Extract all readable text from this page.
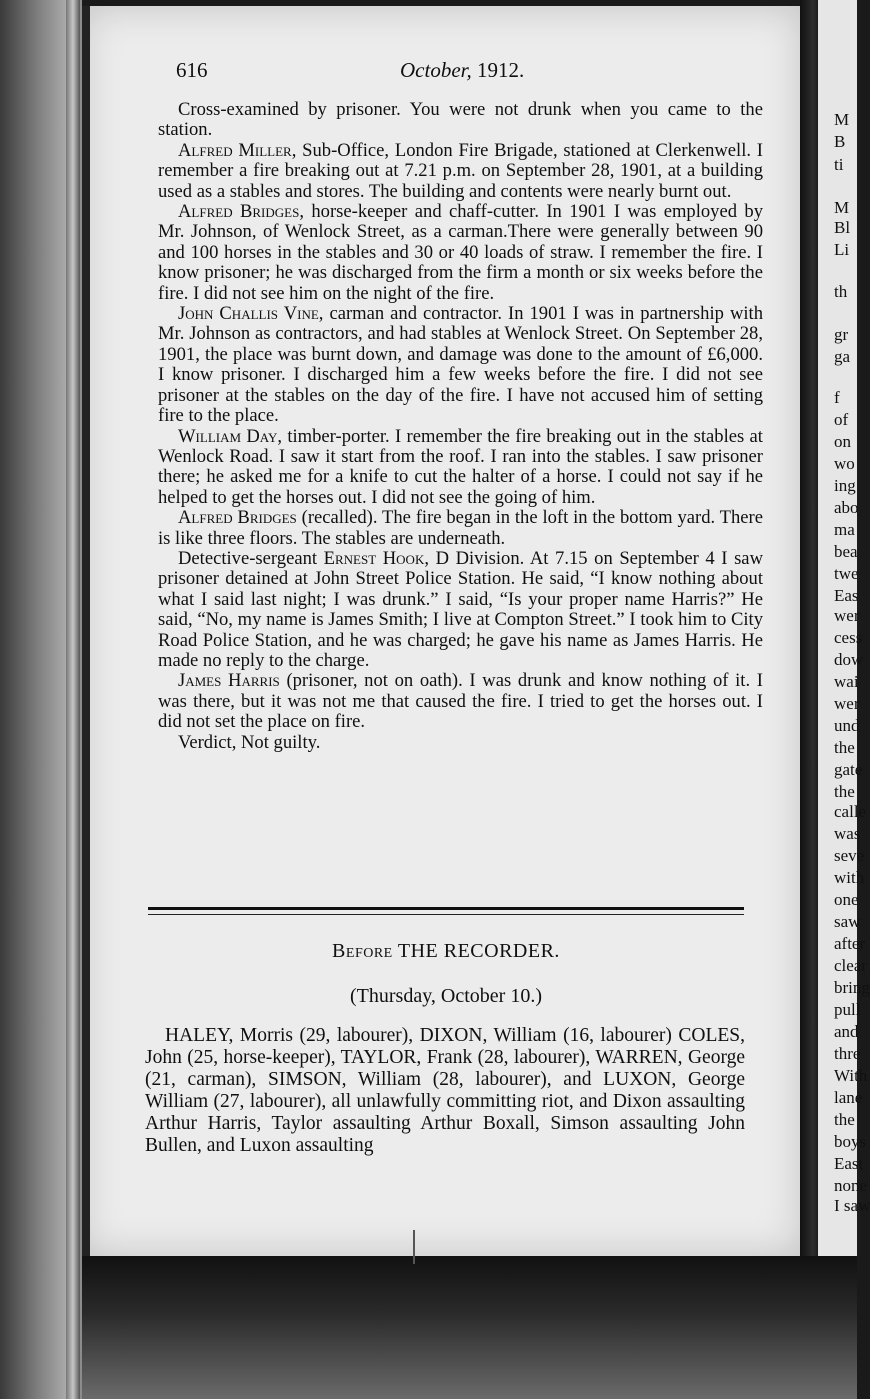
M
B
ti
M
Bl
Li
th
gr
ga
f
of
on
wo
ing
abo
ma
bea
twe
Eas
wer
cess
dow
wai
wer
und
the
gate
the
calle
was
seve
with
one
saw
after
clear
bring
pull
and
thre
With
lane
the
boys
East
none
I saw
616	October, 1912.

Cross-examined by prisoner. You were not drunk when you came to the station.

Alfred Miller, Sub-Office, London Fire Brigade, stationed at Clerkenwell. I remember a fire breaking out at 7.21 p.m. on September 28, 1901, at a building used as a stables and stores. The building and contents were nearly burnt out.

Alfred Bridges, horse-keeper and chaff-cutter. In 1901 I was employed by Mr. Johnson, of Wenlock Street, as a carman.There were generally between 90 and 100 horses in the stables and 30 or 40 loads of straw. I remember the fire. I know prisoner; he was discharged from the firm a month or six weeks before the fire. I did not see him on the night of the fire.

John Challis Vine, carman and contractor. In 1901 I was in partnership with Mr. Johnson as contractors, and had stables at Wenlock Street. On September 28, 1901, the place was burnt down, and damage was done to the amount of £6,000. I know prisoner. I discharged him a few weeks before the fire. I did not see prisoner at the stables on the day of the fire. I have not accused him of setting fire to the place.

William Day, timber-porter. I remember the fire breaking out in the stables at Wenlock Road. I saw it start from the roof. I ran into the stables. I saw prisoner there; he asked me for a knife to cut the halter of a horse. I could not say if he helped to get the horses out. I did not see the going of him.

Alfred Bridges (recalled). The fire began in the loft in the bottom yard. There is like three floors. The stables are underneath.

Detective-sergeant Ernest Hook, D Division. At 7.15 on September 4 I saw prisoner detained at John Street Police Station. He said, “I know nothing about what I said last night; I was drunk.” I said, “Is your proper name Harris?” He said, “No, my name is James Smith; I live at Compton Street.” I took him to City Road Police Station, and he was charged; he gave his name as James Harris. He made no reply to the charge.

James Harris (prisoner, not on oath). I was drunk and know nothing of it. I was there, but it was not me that caused the fire. I tried to get the horses out. I did not set the place on fire.

Verdict, Not guilty.

Before THE RECORDER.
(Thursday, October 10.)

HALEY, Morris (29, labourer), DIXON, William (16, labourer) COLES, John (25, horse-keeper), TAYLOR, Frank (28, labourer), WARREN, George (21, carman), SIMSON, William (28, labourer), and LUXON, George William (27, labourer), all unlawfully committing riot, and Dixon assaulting Arthur Harris, Taylor assaulting Arthur Boxall, Simson assaulting John Bullen, and Luxon assaulting
